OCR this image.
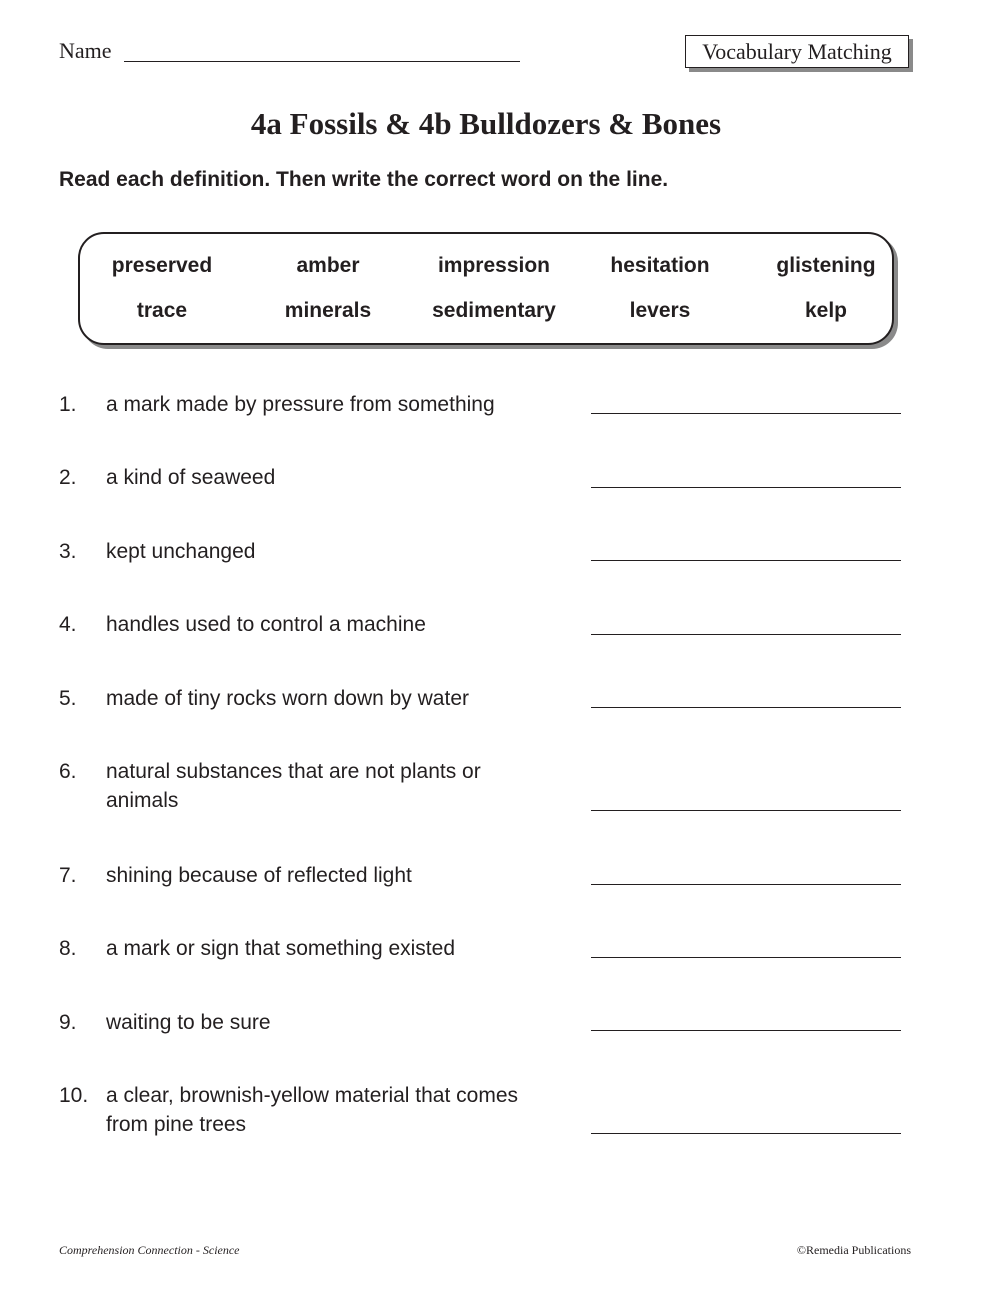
Name	Vocabulary Matching
4a Fossils & 4b Bulldozers & Bones
Read each definition. Then write the correct word on the line.
preserved	amber	impression	hesitation	glistening
trace	minerals	sedimentary	levers	kelp
1. a mark made by pressure from something
2. a kind of seaweed
3. kept unchanged
4. handles used to control a machine
5. made of tiny rocks worn down by water
6. natural substances that are not plants or animals
7. shining because of reflected light
8. a mark or sign that something existed
9. waiting to be sure
10. a clear, brownish-yellow material that comes from pine trees
Comprehension Connection - Science	©Remedia Publications
